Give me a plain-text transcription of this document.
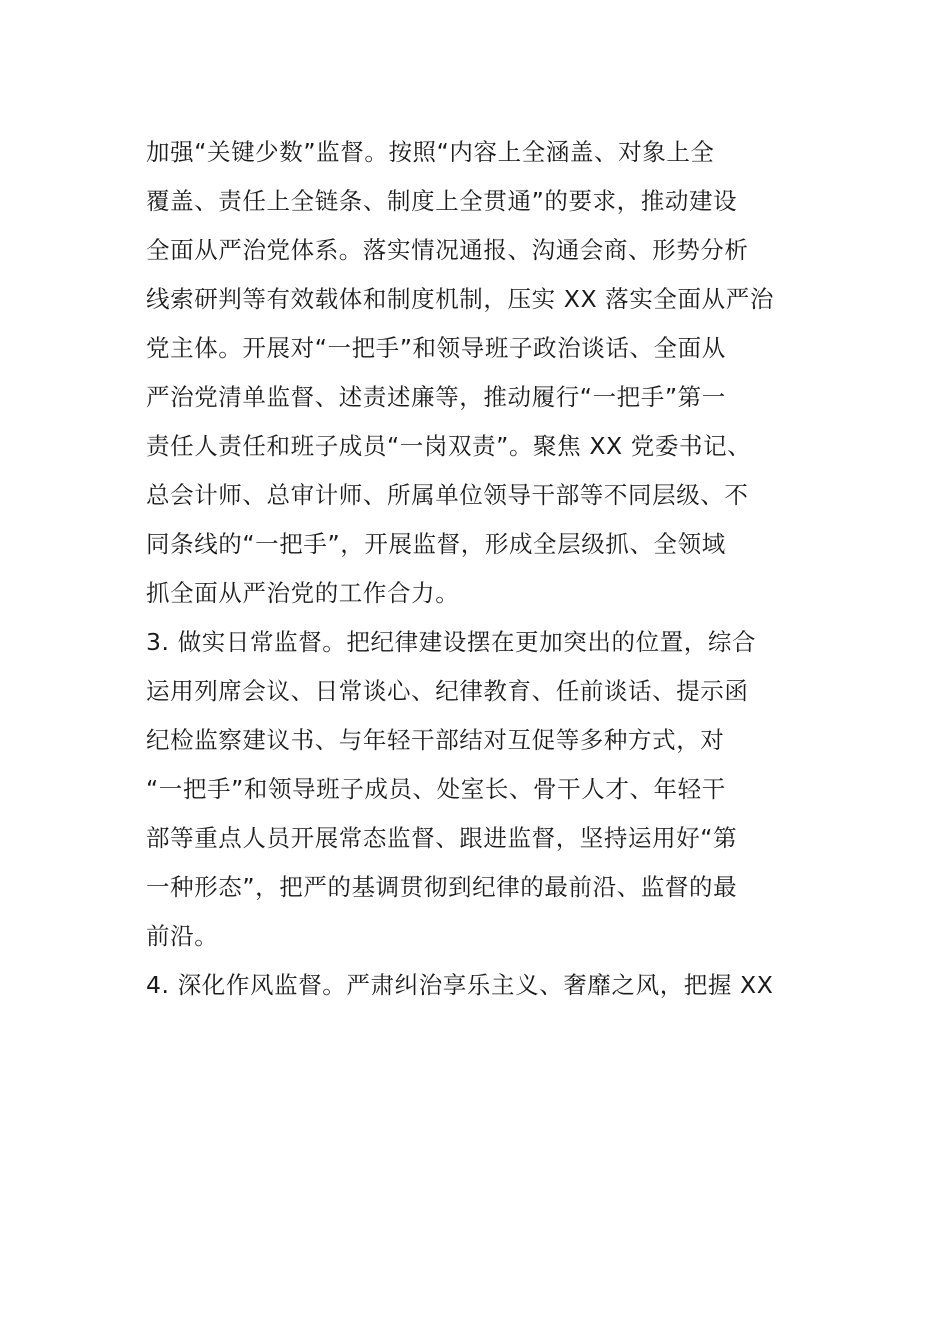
加强“关键少数”监督。按照“内容上全涵盖、对象上全
覆盖、责任上全链条、制度上全贯通”的要求，推动建设
全面从严治党体系。落实情况通报、沟通会商、形势分析
线索研判等有效载体和制度机制，压实 XX 落实全面从严治
党主体。开展对“一把手”和领导班子政治谈话、全面从
严治党清单监督、述责述廉等，推动履行“一把手”第一
责任人责任和班子成员“一岗双责”。聚焦 XX 党委书记、
总会计师、总审计师、所属单位领导干部等不同层级、不
同条线的“一把手”，开展监督，形成全层级抓、全领域
抓全面从严治党的工作合力。
3. 做实日常监督。把纪律建设摆在更加突出的位置，综合
运用列席会议、日常谈心、纪律教育、任前谈话、提示函
纪检监察建议书、与年轻干部结对互促等多种方式，对
“一把手”和领导班子成员、处室长、骨干人才、年轻干
部等重点人员开展常态监督、跟进监督，坚持运用好“第
一种形态”，把严的基调贯彻到纪律的最前沿、监督的最
前沿。
4. 深化作风监督。严肃纠治享乐主义、奢靡之风，把握 XX
